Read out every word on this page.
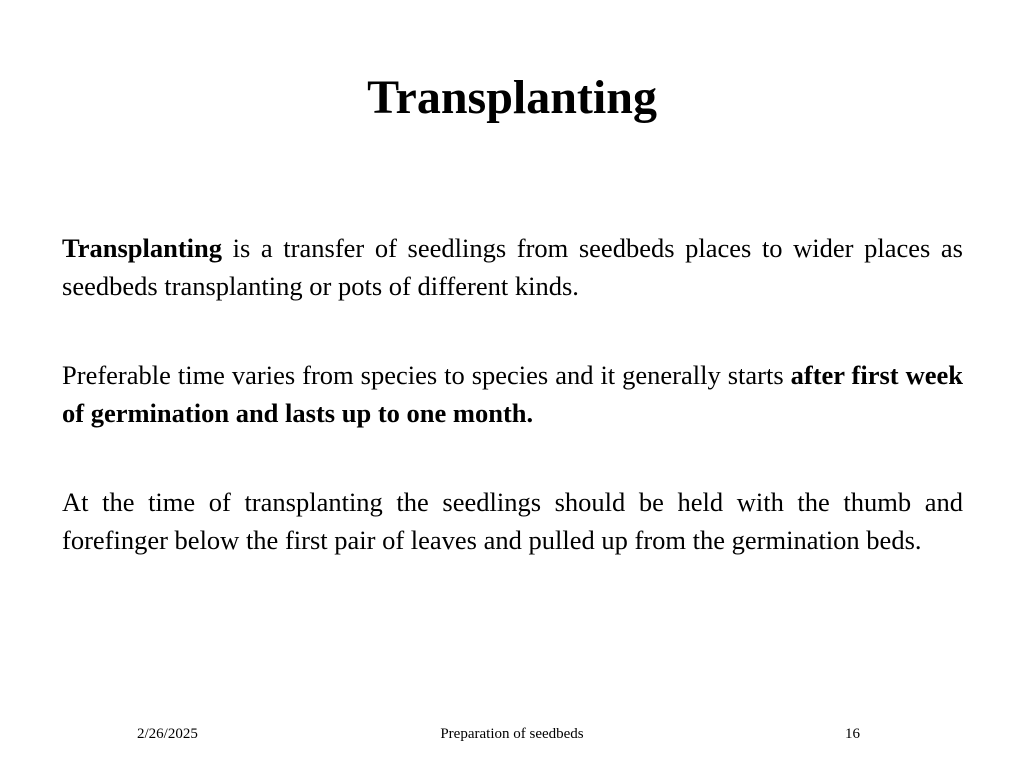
Transplanting

Transplanting is a transfer of seedlings from seedbeds places to wider places as seedbeds transplanting or pots of different kinds.

Preferable time varies from species to species and it generally starts after first week of germination and lasts up to one month.

At the time of transplanting the seedlings should be held with the thumb and forefinger below the first pair of leaves and pulled up from the germination beds.

2/26/2025	Preparation of seedbeds	16
